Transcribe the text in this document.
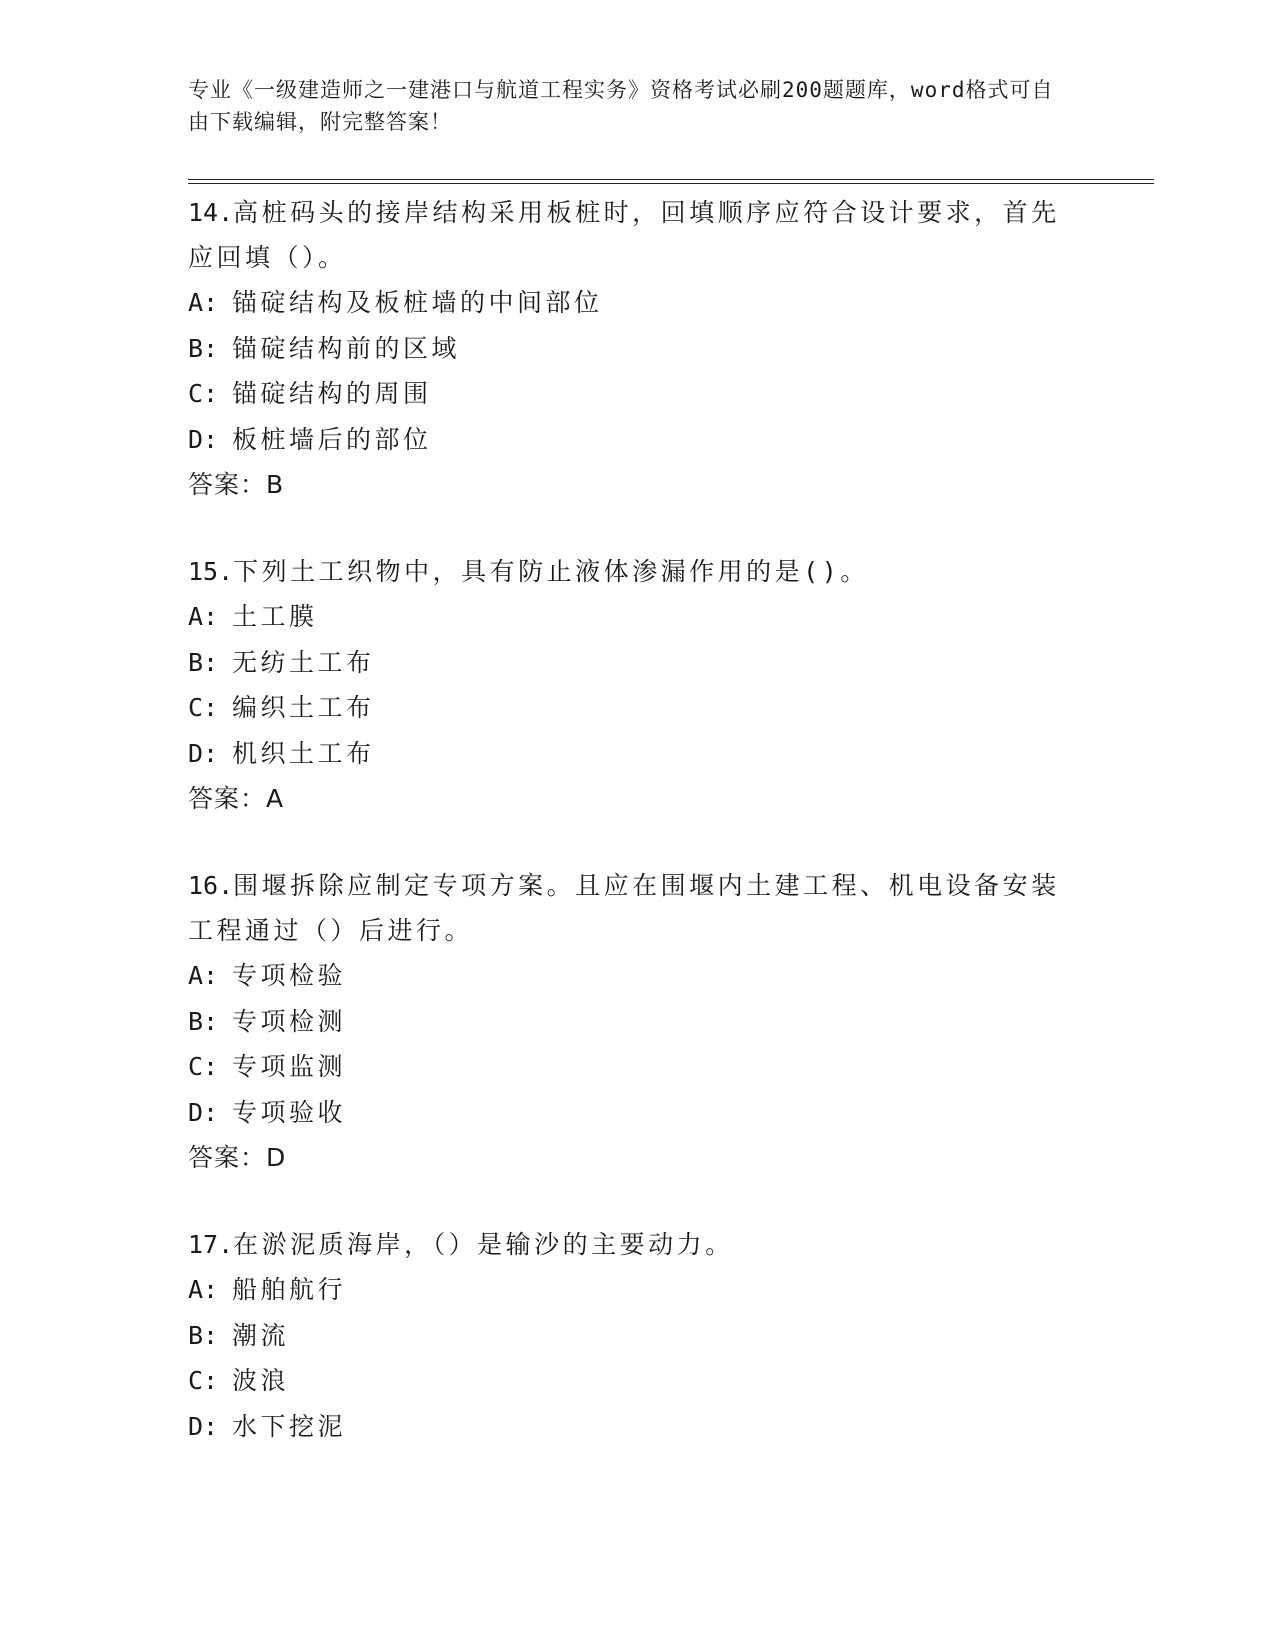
专业《一级建造师之一建港口与航道工程实务》资格考试必刷200题题库，word格式可自由下载编辑，附完整答案！

14.高桩码头的接岸结构采用板桩时，回填顺序应符合设计要求，首先应回填（）。

A: 锚碇结构及板桩墙的中间部位

B: 锚碇结构前的区域

C: 锚碇结构的周围

D: 板桩墙后的部位

答案：B

15.下列土工织物中，具有防止液体渗漏作用的是()。

A: 土工膜

B: 无纺土工布

C: 编织土工布

D: 机织土工布

答案：A

16.围堰拆除应制定专项方案。且应在围堰内土建工程、机电设备安装工程通过（）后进行。

A: 专项检验

B: 专项检测

C: 专项监测

D: 专项验收

答案：D

17.在淤泥质海岸，（）是输沙的主要动力。

A: 船舶航行

B: 潮流

C: 波浪

D: 水下挖泥
